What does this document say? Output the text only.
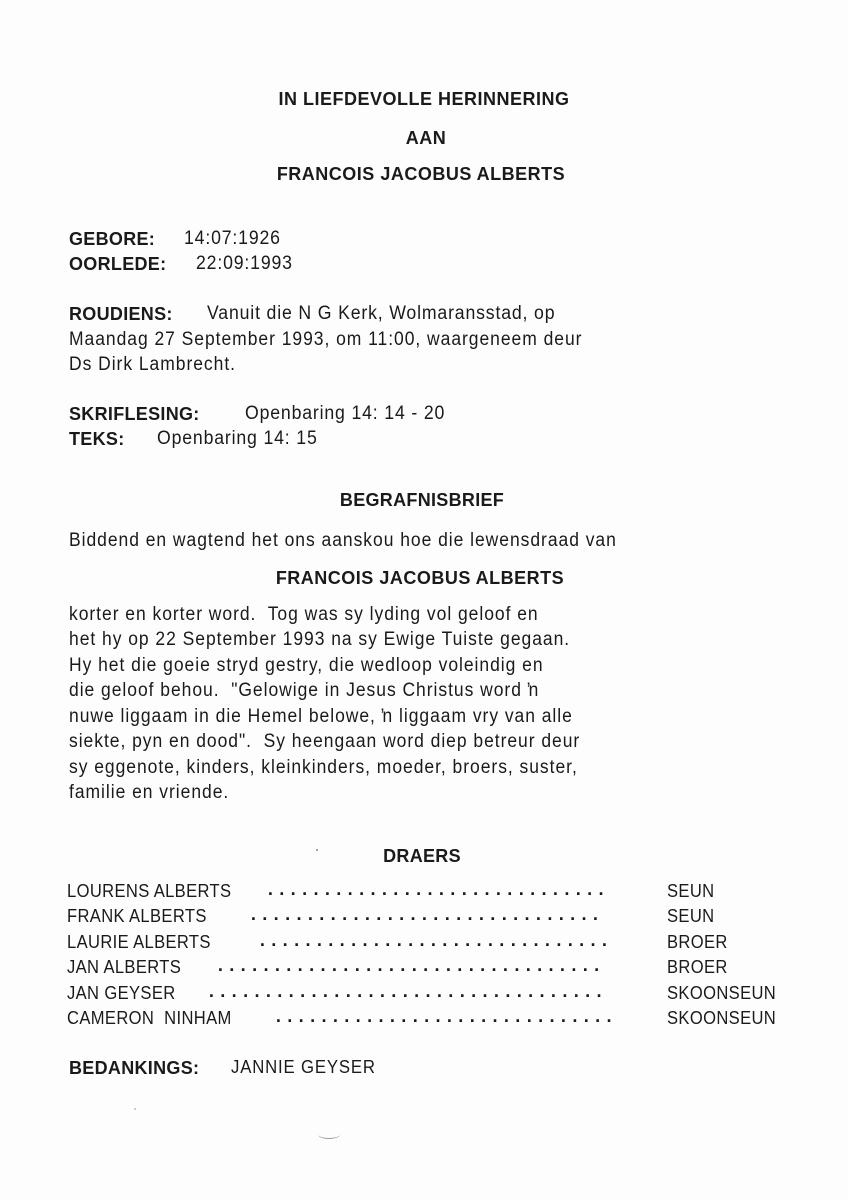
IN LIEFDEVOLLE HERINNERING
AAN
FRANCOIS JACOBUS ALBERTS
GEBORE: 14:07:1926
OORLEDE: 22:09:1993
ROUDIENS: Vanuit die N G Kerk, Wolmaransstad, op
Maandag 27 September 1993, om 11:00, waargeneem deur
Ds Dirk Lambrecht.
SKRIFLESING: Openbaring 14: 14 - 20
TEKS: Openbaring 14: 15
BEGRAFNISBRIEF
Biddend en wagtend het ons aanskou hoe die lewensdraad van
FRANCOIS JACOBUS ALBERTS
korter en korter word.  Tog was sy lyding vol geloof en
het hy op 22 September 1993 na sy Ewige Tuiste gegaan.
Hy het die goeie stryd gestry, die wedloop voleindig en
die geloof behou.  "Gelowige in Jesus Christus word ŉ
nuwe liggaam in die Hemel belowe, ŉ liggaam vry van alle
siekte, pyn en dood".  Sy heengaan word diep betreur deur
sy eggenote, kinders, kleinkinders, moeder, broers, suster,
familie en vriende.
DRAERS
LOURENS ALBERTS ..............................	SEUN
FRANK ALBERTS ...............................	SEUN
LAURIE ALBERTS	...............................	BROER
JAN ALBERTS ..................................	BROER
JAN GEYSER ...................................	SKOONSEUN
CAMERON  NINHAM ..............................	SKOONSEUN
BEDANKINGS: JANNIE GEYSER
